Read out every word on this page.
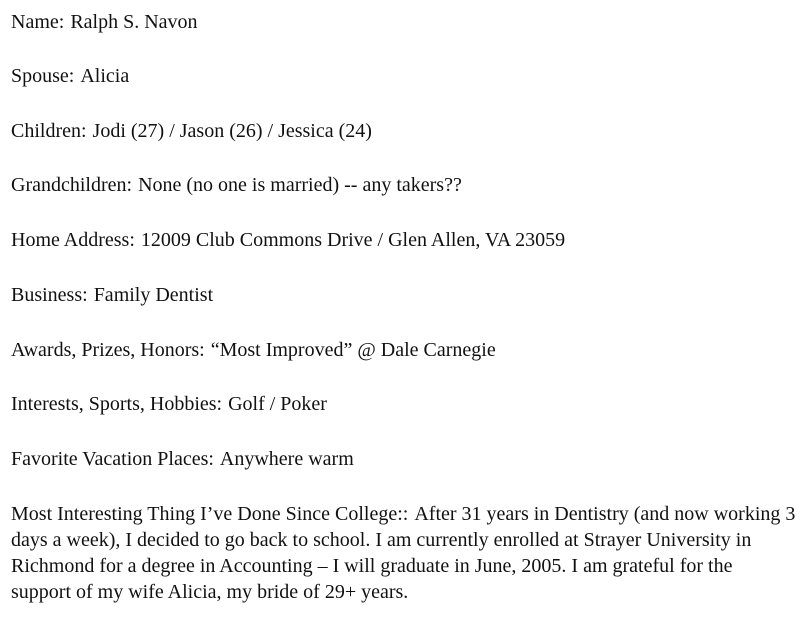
Name: Ralph S. Navon
Spouse: Alicia
Children: Jodi (27) / Jason (26) / Jessica (24)
Grandchildren: None (no one is married) -- any takers??
Home Address: 12009 Club Commons Drive / Glen Allen, VA 23059
Business: Family Dentist
Awards, Prizes, Honors: “Most Improved” @ Dale Carnegie
Interests, Sports, Hobbies: Golf / Poker
Favorite Vacation Places: Anywhere warm
Most Interesting Thing I’ve Done Since College:: After 31 years in Dentistry (and now working 3 days a week), I decided to go back to school. I am currently enrolled at Strayer University in Richmond for a degree in Accounting – I will graduate in June, 2005. I am grateful for the support of my wife Alicia, my bride of 29+ years.
